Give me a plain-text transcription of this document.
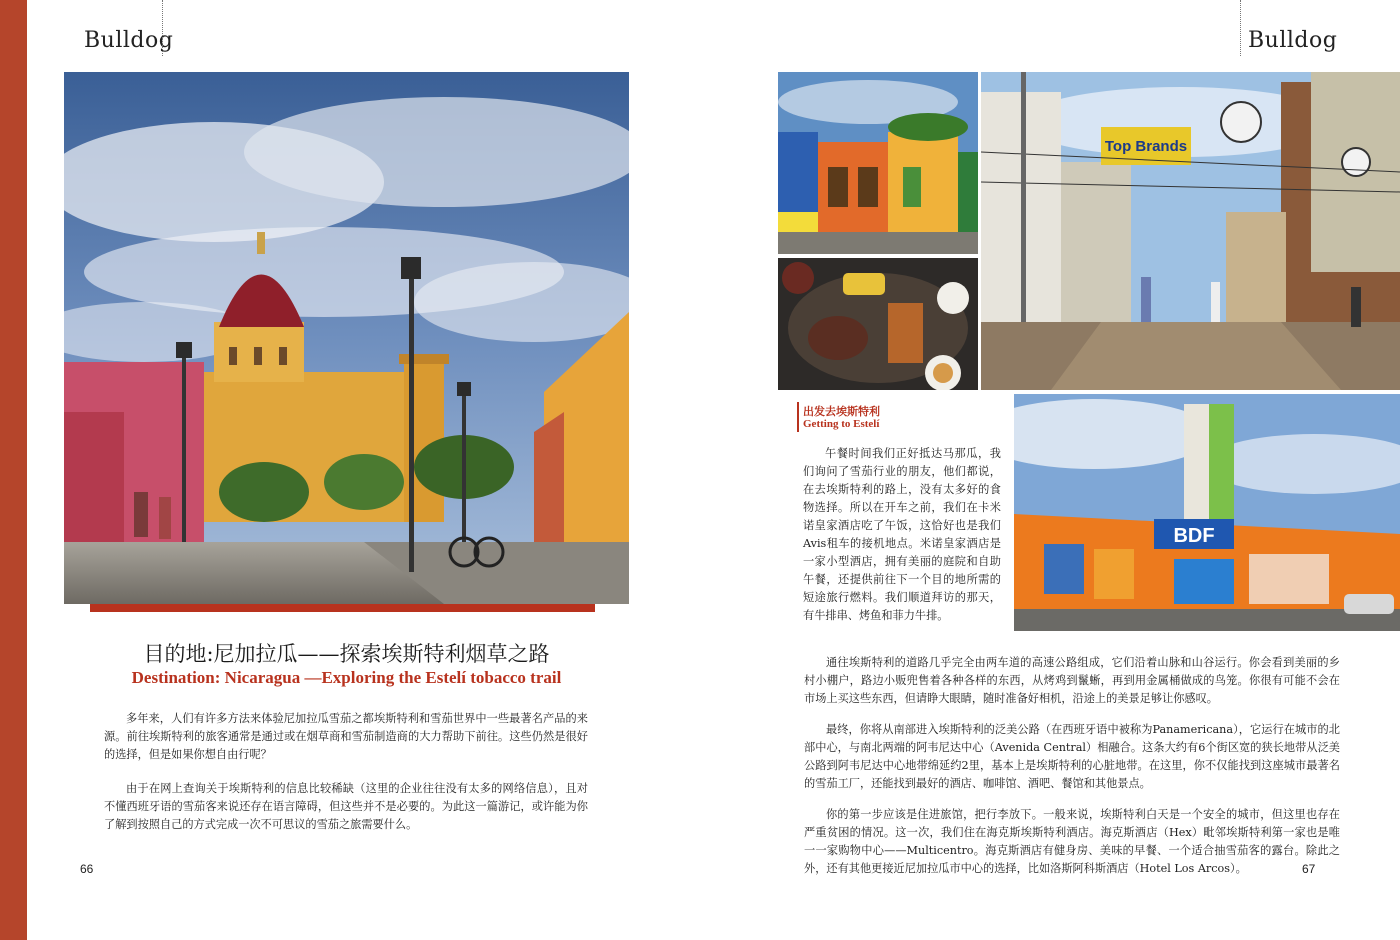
Bulldog	Bulldog
目的地:尼加拉瓜——探索埃斯特利烟草之路
Destination: Nicaragua —Exploring the Estelí tobacco trail

多年来，人们有许多方法来体验尼加拉瓜雪茄之都埃斯特利和雪茄世界中一些最著名产品的来源。前往埃斯特利的旅客通常是通过或在烟草商和雪茄制造商的大力帮助下前往。这些仍然是很好的选择，但是如果你想自由行呢？

由于在网上查询关于埃斯特利的信息比较稀缺（这里的企业往往没有太多的网络信息），且对不懂西班牙语的雪茄客来说还存在语言障碍，但这些并不是必要的。为此这一篇游记，或许能为你了解到按照自己的方式完成一次不可思议的雪茄之旅需要什么。

66
Top Brands
BDF
出发去埃斯特利
Getting to Estelí

午餐时间我们正好抵达马那瓜，我们询问了雪茄行业的朋友，他们都说，在去埃斯特利的路上，没有太多好的食物选择。所以在开车之前，我们在卡米诺皇家酒店吃了午饭，这恰好也是我们Avis租车的接机地点。米诺皇家酒店是一家小型酒店，拥有美丽的庭院和自助午餐，还提供前往下一个目的地所需的短途旅行燃料。我们顺道拜访的那天，有牛排串、烤鱼和菲力牛排。

通往埃斯特利的道路几乎完全由两车道的高速公路组成，它们沿着山脉和山谷运行。你会看到美丽的乡村小棚户，路边小贩兜售着各种各样的东西，从烤鸡到鬣蜥，再到用金属桶做成的鸟笼。你很有可能不会在市场上买这些东西，但请睁大眼睛，随时准备好相机，沿途上的美景足够让你感叹。

最终，你将从南部进入埃斯特利的泛美公路（在西班牙语中被称为Panamericana），它运行在城市的北部中心，与南北两端的阿韦尼达中心（Avenida Central）相融合。这条大约有6个街区宽的狭长地带从泛美公路到阿韦尼达中心地带绵延约2里，基本上是埃斯特利的心脏地带。在这里，你不仅能找到这座城市最著名的雪茄工厂，还能找到最好的酒店、咖啡馆、酒吧、餐馆和其他景点。

你的第一步应该是住进旅馆，把行李放下。一般来说，埃斯特利白天是一个安全的城市，但这里也存在严重贫困的情况。这一次，我们住在海克斯埃斯特利酒店。海克斯酒店（Hex）毗邻埃斯特利第一家也是唯一一家购物中心——Multicentro。海克斯酒店有健身房、美味的早餐、一个适合抽雪茄客的露台。除此之外，还有其他更接近尼加拉瓜市中心的选择，比如洛斯阿科斯酒店（Hotel Los Arcos）。	67
